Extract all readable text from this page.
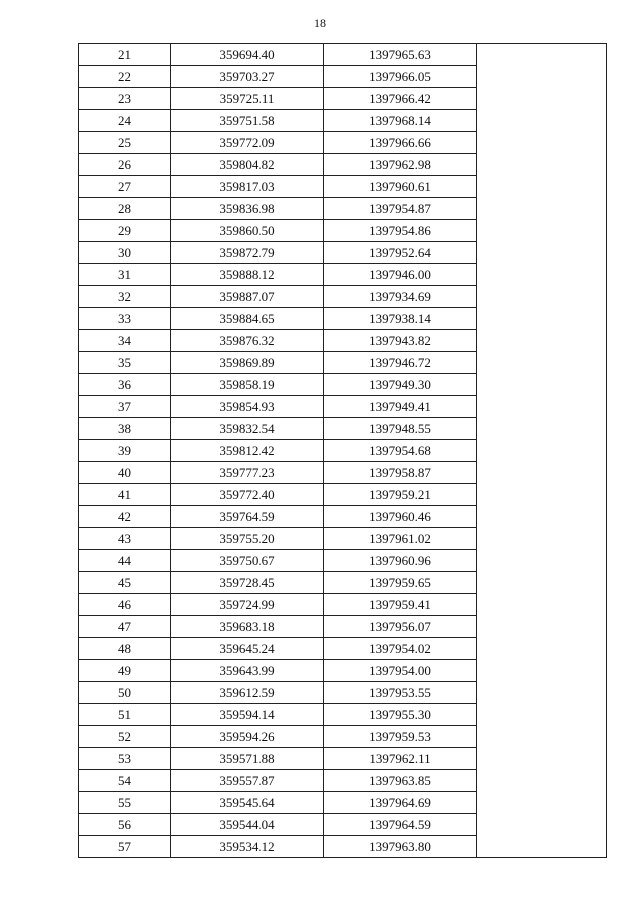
18
21	359694.40	1397965.63	
22	359703.27	1397966.05	
23	359725.11	1397966.42	
24	359751.58	1397968.14	
25	359772.09	1397966.66	
26	359804.82	1397962.98	
27	359817.03	1397960.61	
28	359836.98	1397954.87	
29	359860.50	1397954.86	
30	359872.79	1397952.64	
31	359888.12	1397946.00	
32	359887.07	1397934.69	
33	359884.65	1397938.14	
34	359876.32	1397943.82	
35	359869.89	1397946.72	
36	359858.19	1397949.30	
37	359854.93	1397949.41	
38	359832.54	1397948.55	
39	359812.42	1397954.68	
40	359777.23	1397958.87	
41	359772.40	1397959.21	
42	359764.59	1397960.46	
43	359755.20	1397961.02	
44	359750.67	1397960.96	
45	359728.45	1397959.65	
46	359724.99	1397959.41	
47	359683.18	1397956.07	
48	359645.24	1397954.02	
49	359643.99	1397954.00	
50	359612.59	1397953.55	
51	359594.14	1397955.30	
52	359594.26	1397959.53	
53	359571.88	1397962.11	
54	359557.87	1397963.85	
55	359545.64	1397964.69	
56	359544.04	1397964.59	
57	359534.12	1397963.80	
